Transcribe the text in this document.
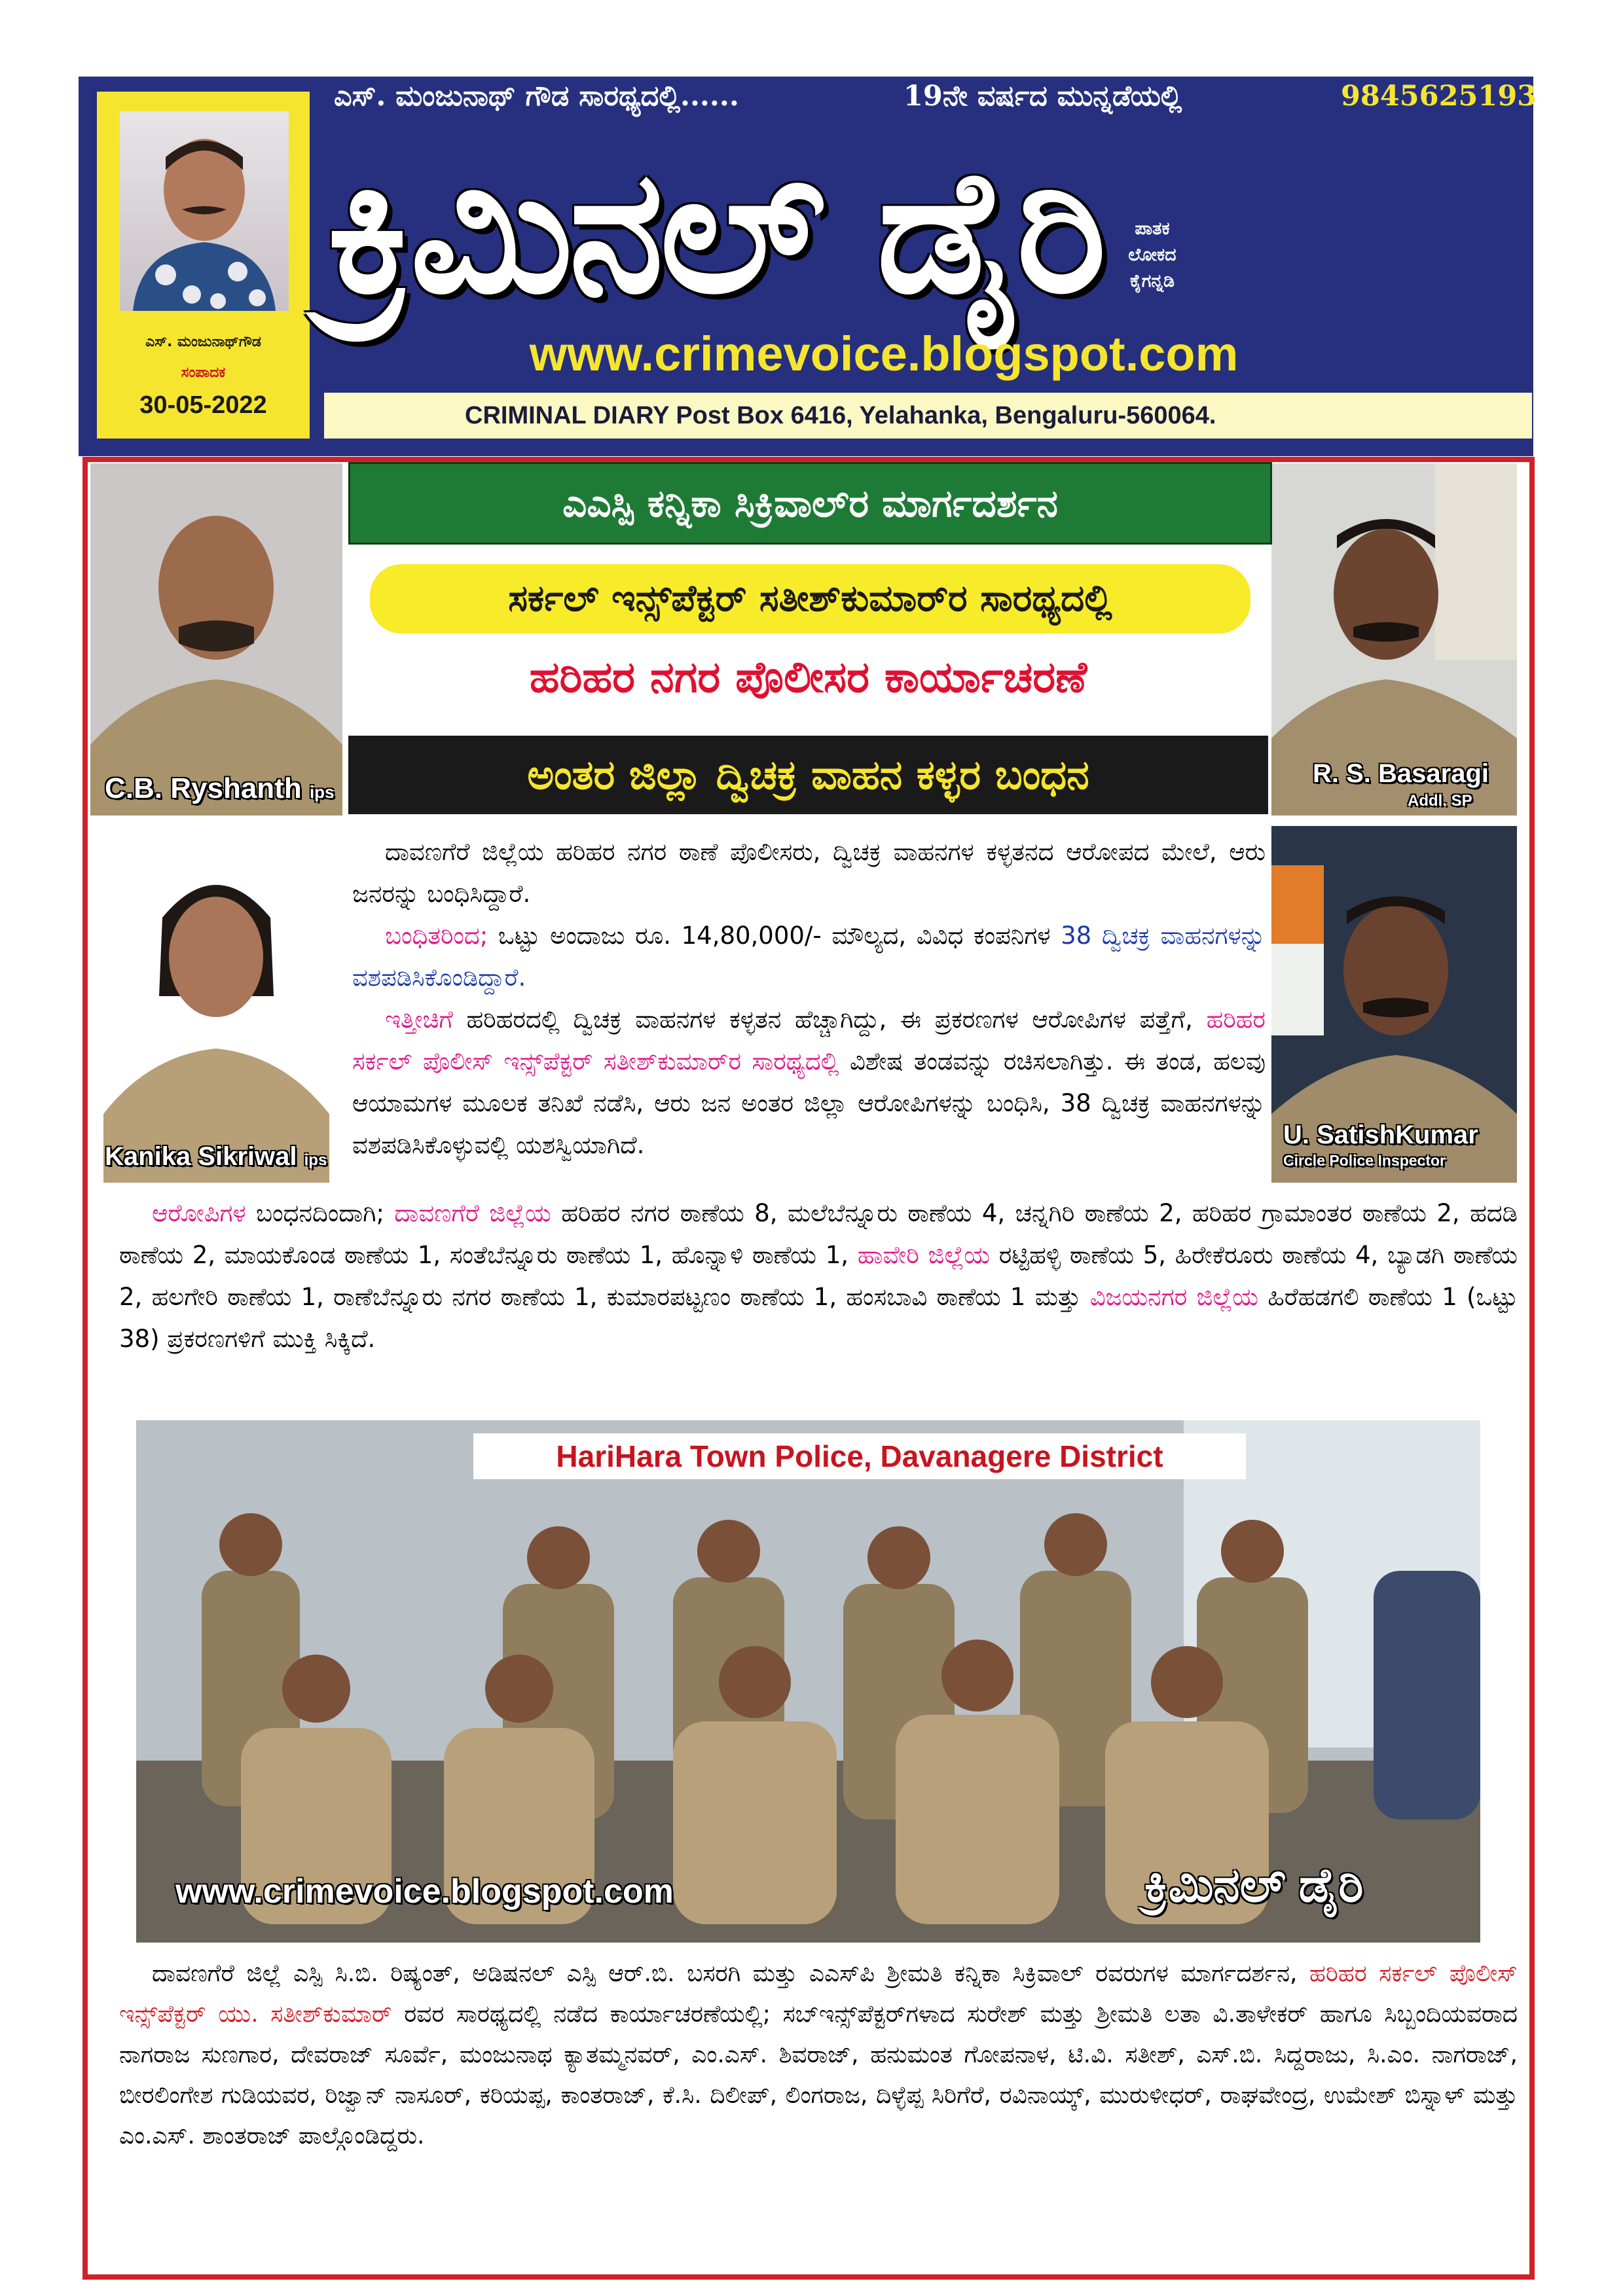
ಎಸ್. ಮಂಜುನಾಥ್ ಗೌಡ ಸಾರಥ್ಯದಲ್ಲಿ......	19ನೇ ವರ್ಷದ ಮುನ್ನಡೆಯಲ್ಲಿ	9845625193
ಎಸ್. ಮಂಜುನಾಥ್‌ಗೌಡ
ಸಂಪಾದಕ
30-05-2022
ಕ್ರಿಮಿನಲ್ ಡೈರಿ	ಪಾತಕ
ಲೋಕದ
ಕೈಗನ್ನಡಿ
www.crimevoice.blogspot.com
CRIMINAL DIARY Post Box 6416, Yelahanka, Bengaluru-560064.
C.B. Ryshanth ips
R. S. Basaragi
Addl. SP
Kanika Sikriwal ips
U. SatishKumar
Circle Police Inspector
ಎಎಸ್ಪಿ ಕನ್ನಿಕಾ ಸಿಕ್ರಿವಾಲ್‌ರ ಮಾರ್ಗದರ್ಶನ
ಸರ್ಕಲ್ ಇನ್ಸ್‌ಪೆಕ್ಟರ್ ಸತೀಶ್‌ಕುಮಾರ್‌ರ ಸಾರಥ್ಯದಲ್ಲಿ
ಹರಿಹರ ನಗರ ಪೊಲೀಸರ ಕಾರ್ಯಾಚರಣೆ
ಅಂತರ ಜಿಲ್ಲಾ ದ್ವಿಚಕ್ರ ವಾಹನ ಕಳ್ಳರ ಬಂಧನ
ದಾವಣಗೆರೆ ಜಿಲ್ಲೆಯ ಹರಿಹರ ನಗರ ಠಾಣೆ ಪೊಲೀಸರು, ದ್ವಿಚಕ್ರ ವಾಹನಗಳ ಕಳ್ಳತನದ ಆರೋಪದ ಮೇಲೆ, ಆರು ಜನರನ್ನು ಬಂಧಿಸಿದ್ದಾರೆ.
ಬಂಧಿತರಿಂದ; ಒಟ್ಟು ಅಂದಾಜು ರೂ. 14,80,000/- ಮೌಲ್ಯದ, ವಿವಿಧ ಕಂಪನಿಗಳ 38 ದ್ವಿಚಕ್ರ ವಾಹನಗಳನ್ನು ವಶಪಡಿಸಿಕೊಂಡಿದ್ದಾರೆ.
ಇತ್ತೀಚಿಗೆ ಹರಿಹರದಲ್ಲಿ ದ್ವಿಚಕ್ರ ವಾಹನಗಳ ಕಳ್ಳತನ ಹೆಚ್ಚಾಗಿದ್ದು, ಈ ಪ್ರಕರಣಗಳ ಆರೋಪಿಗಳ ಪತ್ತೆಗೆ, ಹರಿಹರ ಸರ್ಕಲ್ ಪೊಲೀಸ್ ಇನ್ಸ್‌ಪೆಕ್ಟರ್ ಸತೀಶ್‌ಕುಮಾರ್‌ರ ಸಾರಥ್ಯದಲ್ಲಿ ವಿಶೇಷ ತಂಡವನ್ನು ರಚಿಸಲಾಗಿತ್ತು. ಈ ತಂಡ, ಹಲವು ಆಯಾಮಗಳ ಮೂಲಕ ತನಿಖೆ ನಡೆಸಿ, ಆರು ಜನ ಅಂತರ ಜಿಲ್ಲಾ ಆರೋಪಿಗಳನ್ನು ಬಂಧಿಸಿ, 38 ದ್ವಿಚಕ್ರ ವಾಹನಗಳನ್ನು ವಶಪಡಿಸಿಕೊಳ್ಳುವಲ್ಲಿ ಯಶಸ್ವಿಯಾಗಿದೆ.
ಆರೋಪಿಗಳ ಬಂಧನದಿಂದಾಗಿ; ದಾವಣಗೆರೆ ಜಿಲ್ಲೆಯ ಹರಿಹರ ನಗರ ಠಾಣೆಯ 8, ಮಲೆಬೆನ್ನೂರು ಠಾಣೆಯ 4, ಚನ್ನಗಿರಿ ಠಾಣೆಯ 2, ಹರಿಹರ ಗ್ರಾಮಾಂತರ ಠಾಣೆಯ 2, ಹದಡಿ ಠಾಣೆಯ 2, ಮಾಯಕೊಂಡ ಠಾಣೆಯ 1, ಸಂತೆಬೆನ್ನೂರು ಠಾಣೆಯ 1, ಹೊನ್ನಾಳಿ ಠಾಣೆಯ 1, ಹಾವೇರಿ ಜಿಲ್ಲೆಯ ರಟ್ಟಿಹಳ್ಳಿ ಠಾಣೆಯ 5, ಹಿರೇಕೆರೂರು ಠಾಣೆಯ 4, ಬ್ಯಾಡಗಿ ಠಾಣೆಯ 2, ಹಲಗೇರಿ ಠಾಣೆಯ 1, ರಾಣೆಬೆನ್ನೂರು ನಗರ ಠಾಣೆಯ 1, ಕುಮಾರಪಟ್ಟಣಂ ಠಾಣೆಯ 1, ಹಂಸಬಾವಿ ಠಾಣೆಯ 1 ಮತ್ತು ವಿಜಯನಗರ ಜಿಲ್ಲೆಯ ಹಿರೆಹಡಗಲಿ ಠಾಣೆಯ 1 (ಒಟ್ಟು 38) ಪ್ರಕರಣಗಳಿಗೆ ಮುಕ್ತಿ ಸಿಕ್ಕಿದೆ.
HariHara Town Police, Davanagere District
www.crimevoice.blogspot.com	ಕ್ರಿಮಿನಲ್ ಡೈರಿ
ದಾವಣಗೆರೆ ಜಿಲ್ಲೆ ಎಸ್ಪಿ ಸಿ.ಬಿ. ರಿಷ್ಯಂತ್, ಅಡಿಷನಲ್ ಎಸ್ಪಿ ಆರ್.ಬಿ. ಬಸರಗಿ ಮತ್ತು ಎಎಸ್‌ಪಿ ಶ್ರೀಮತಿ ಕನ್ನಿಕಾ ಸಿಕ್ರಿವಾಲ್ ರವರುಗಳ ಮಾರ್ಗದರ್ಶನ, ಹರಿಹರ ಸರ್ಕಲ್ ಪೊಲೀಸ್ ಇನ್ಸ್‌ಪೆಕ್ಟರ್ ಯು. ಸತೀಶ್‌ಕುಮಾರ್ ರವರ ಸಾರಥ್ಯದಲ್ಲಿ ನಡೆದ ಕಾರ್ಯಾಚರಣೆಯಲ್ಲಿ; ಸಬ್‌ಇನ್ಸ್‌ಪೆಕ್ಟರ್‌ಗಳಾದ ಸುರೇಶ್ ಮತ್ತು ಶ್ರೀಮತಿ ಲತಾ ವಿ.ತಾಳೇಕರ್ ಹಾಗೂ ಸಿಬ್ಬಂದಿಯವರಾದ ನಾಗರಾಜ ಸುಣಗಾರ, ದೇವರಾಜ್ ಸೂರ್ವೆ, ಮಂಜುನಾಥ ಕ್ಯಾತಮ್ಮನವರ್, ಎಂ.ಎಸ್. ಶಿವರಾಜ್, ಹನುಮಂತ ಗೋಪನಾಳ, ಟಿ.ವಿ. ಸತೀಶ್, ಎಸ್.ಬಿ. ಸಿದ್ದರಾಜು, ಸಿ.ಎಂ. ನಾಗರಾಜ್, ಬೀರಲಿಂಗೇಶ ಗುಡಿಯವರ, ರಿಜ್ವಾನ್ ನಾಸೂರ್, ಕರಿಯಪ್ಪ, ಕಾಂತರಾಜ್, ಕೆ.ಸಿ. ದಿಲೀಪ್, ಲಿಂಗರಾಜ, ದಿಳ್ಳೆಪ್ಪ ಸಿರಿಗೆರೆ, ರವಿನಾಯ್ಕ್, ಮುರುಳೀಧರ್, ರಾಘವೇಂದ್ರ, ಉಮೇಶ್ ಬಿಸ್ನಾಳ್ ಮತ್ತು ಎಂ.ಎಸ್. ಶಾಂತರಾಜ್ ಪಾಲ್ಗೊಂಡಿದ್ದರು.
